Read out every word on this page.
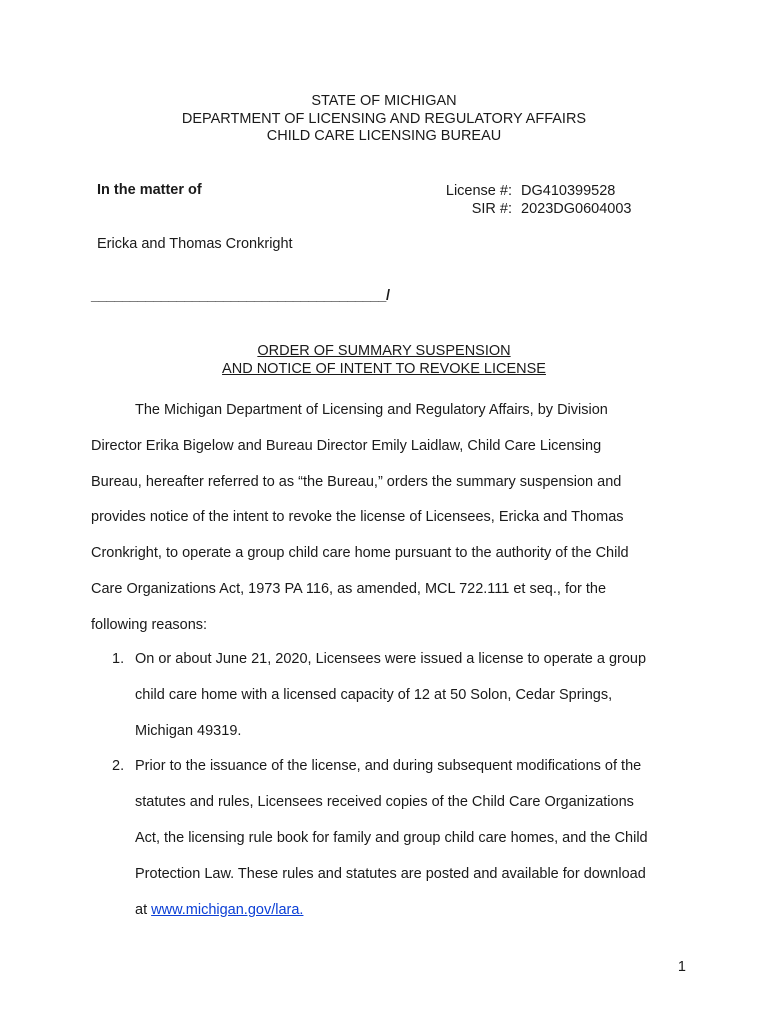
STATE OF MICHIGAN
DEPARTMENT OF LICENSING AND REGULATORY AFFAIRS
CHILD CARE LICENSING BUREAU
In the matter of	License #: DG410399528
SIR #: 2023DG0604003
Ericka and Thomas Cronkright
______________________________________/
ORDER OF SUMMARY SUSPENSION
AND NOTICE OF INTENT TO REVOKE LICENSE
The Michigan Department of Licensing and Regulatory Affairs, by Division
Director Erika Bigelow and Bureau Director Emily Laidlaw, Child Care Licensing
Bureau, hereafter referred to as “the Bureau,” orders the summary suspension and
provides notice of the intent to revoke the license of Licensees, Ericka and Thomas
Cronkright, to operate a group child care home pursuant to the authority of the Child
Care Organizations Act, 1973 PA 116, as amended, MCL 722.111 et seq., for the
following reasons:
1. On or about June 21, 2020, Licensees were issued a license to operate a group
child care home with a licensed capacity of 12 at 50 Solon, Cedar Springs,
Michigan 49319.
2. Prior to the issuance of the license, and during subsequent modifications of the
statutes and rules, Licensees received copies of the Child Care Organizations
Act, the licensing rule book for family and group child care homes, and the Child
Protection Law. These rules and statutes are posted and available for download
at www.michigan.gov/lara.
1
